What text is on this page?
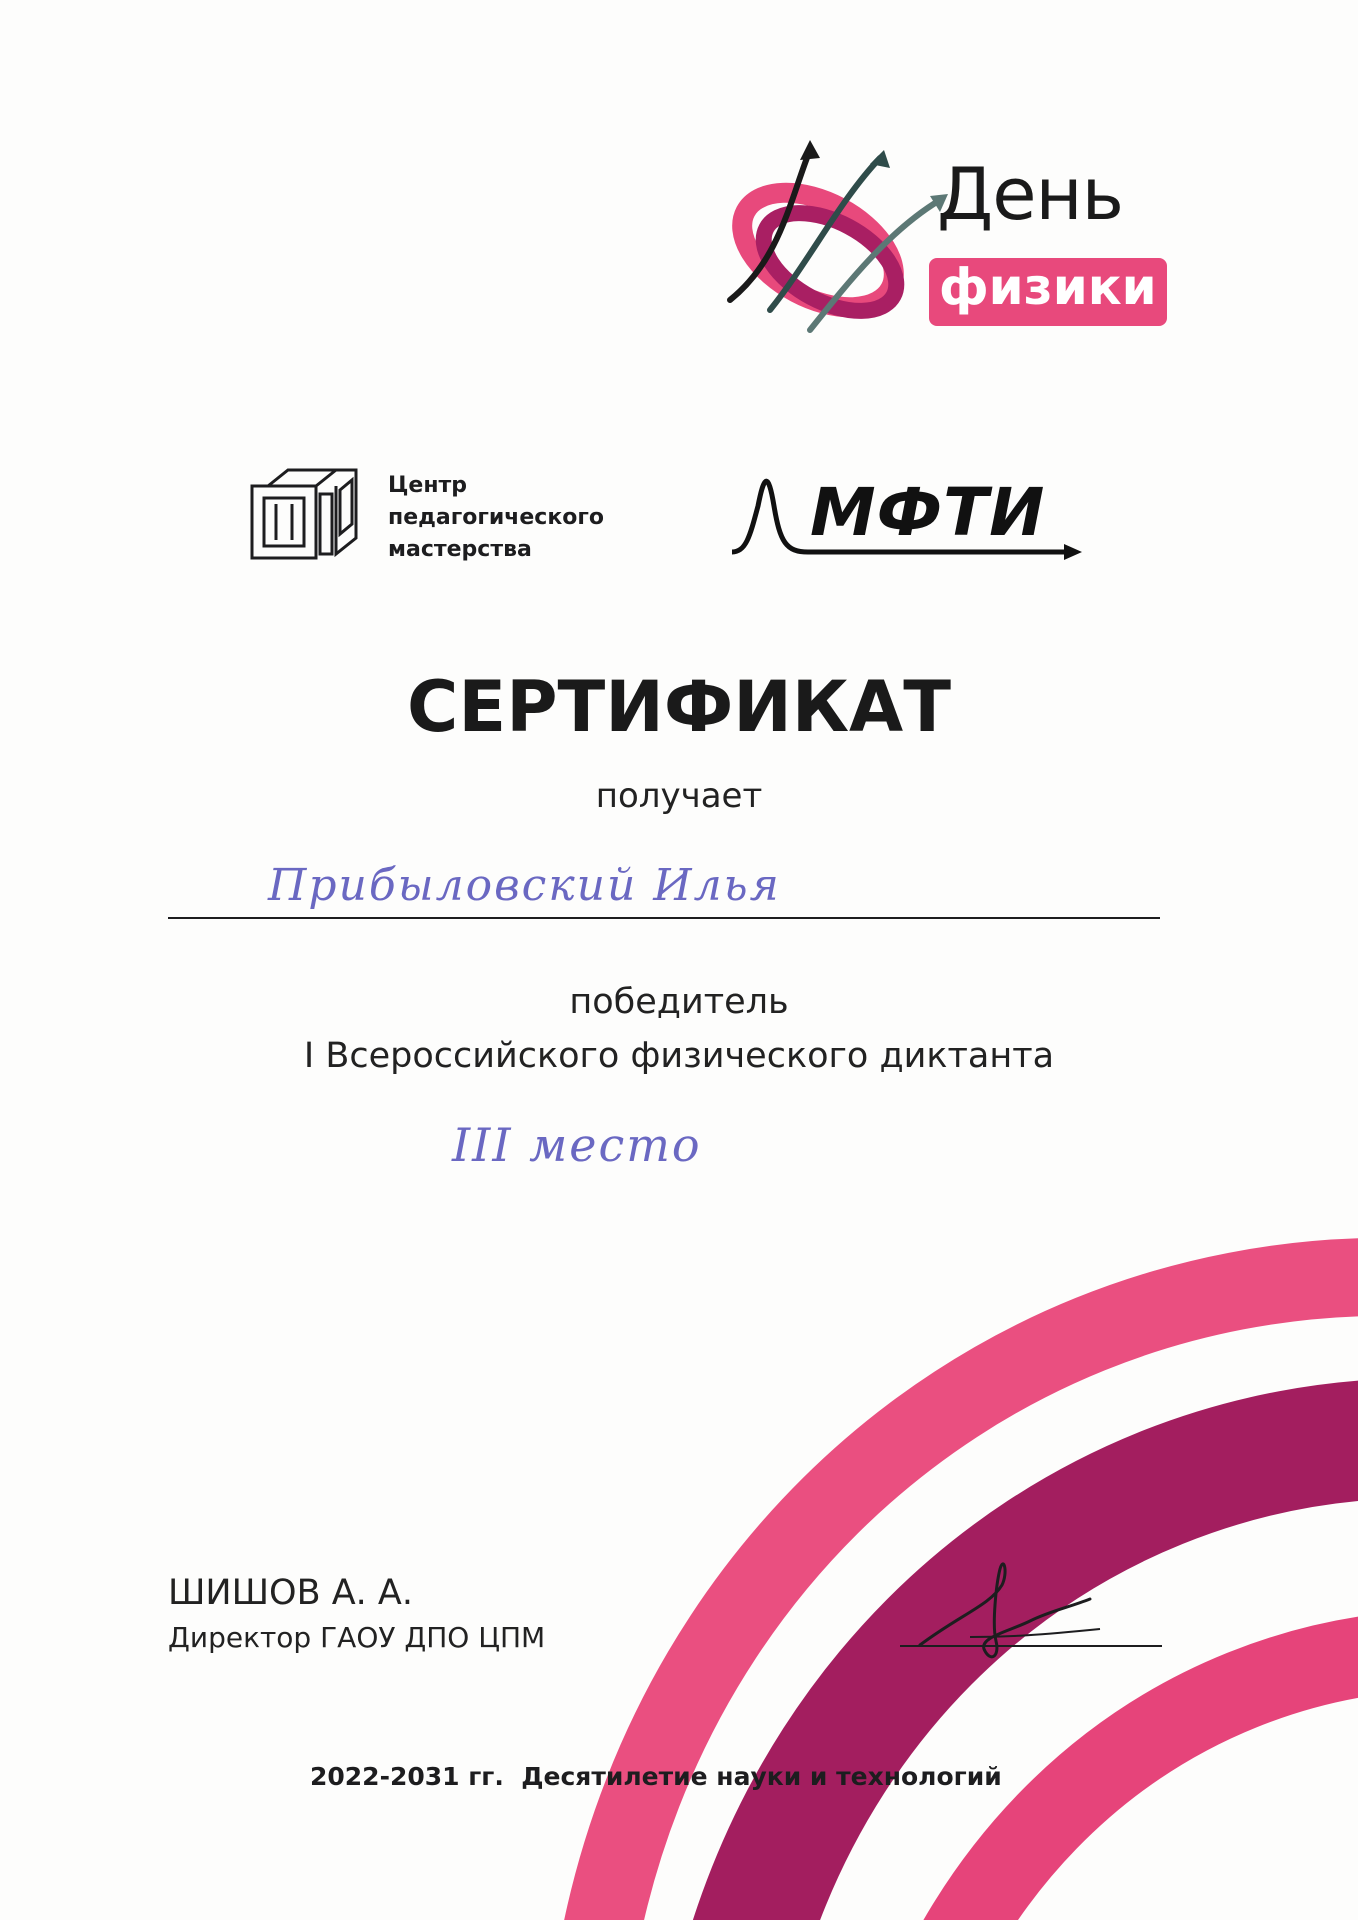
День
физики
Центр
педагогического
мастерства	МФТИ
СЕРТИФИКАТ
получает
Прибыловский Илья
победитель
I Всероссийского физического диктанта
III место
ШИШОВ А. А.
Директор ГАОУ ДПО ЦПМ
2022-2031 гг.  Десятилетие науки и технологий
